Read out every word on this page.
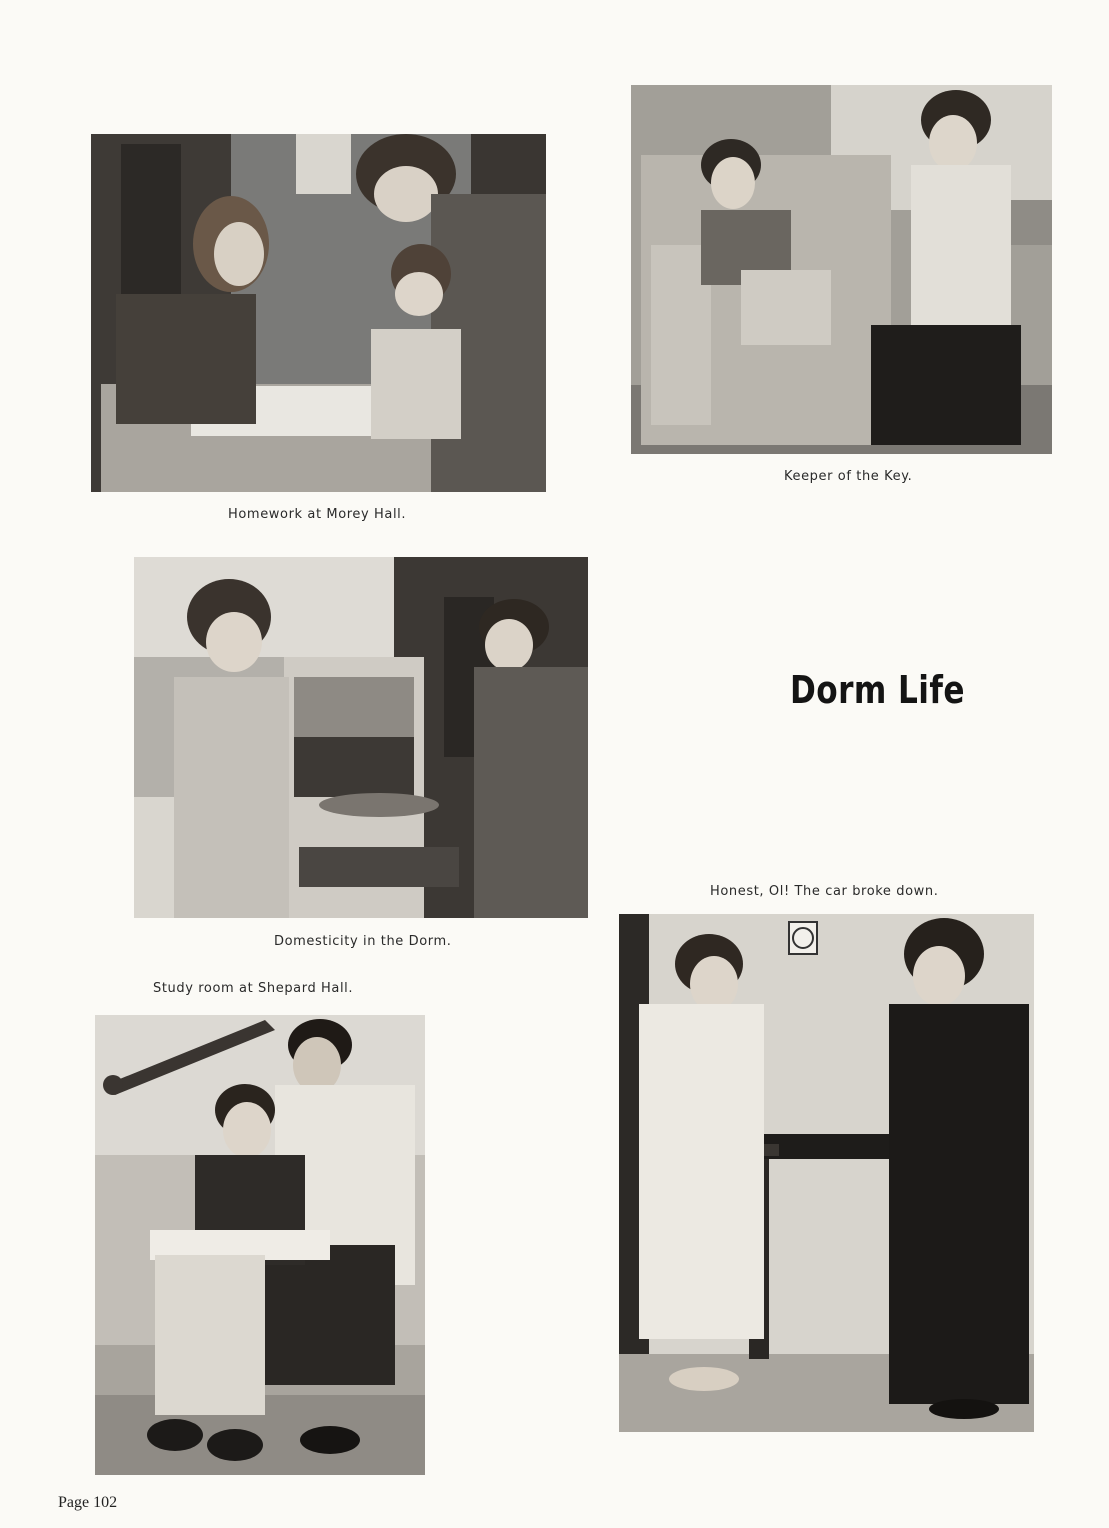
Homework at Morey Hall.
Keeper of the Key.
Domesticity in the Dorm.
Dorm Life
Honest, Ol! The car broke down.
Study room at Shepard Hall.
Page 102
